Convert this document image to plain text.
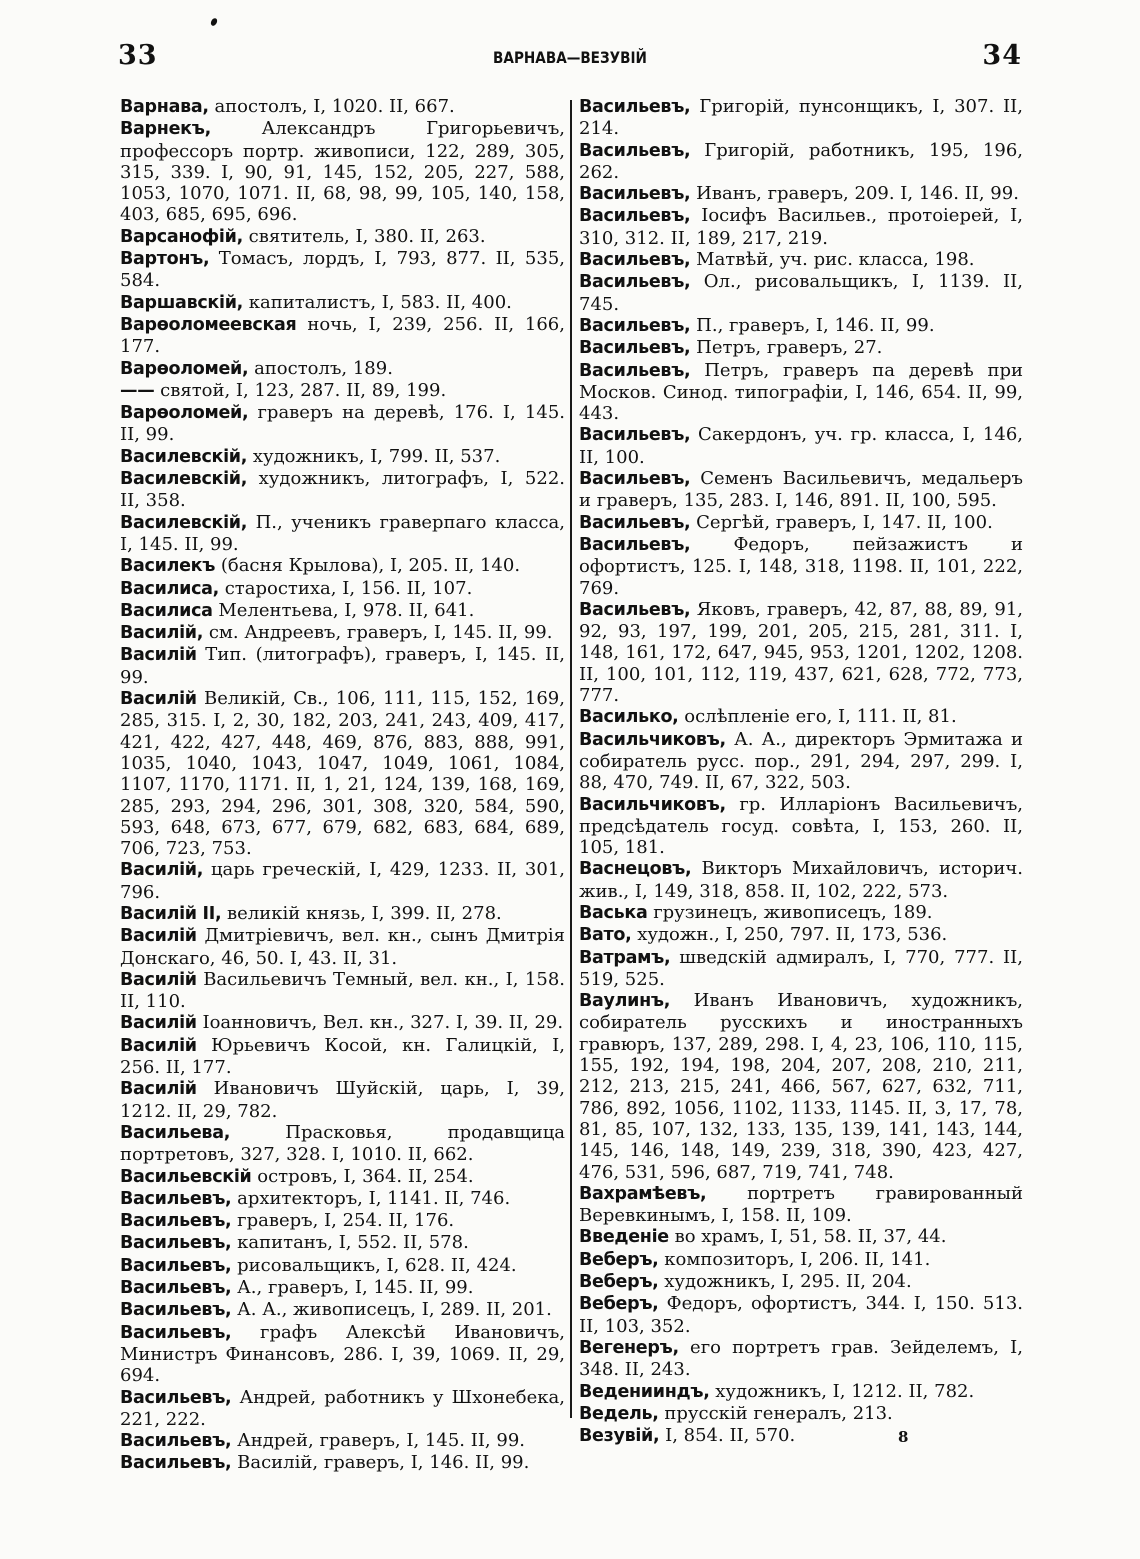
33	ВАРНАВА—ВЕЗУВІЙ	34
Варнава, апостолъ, I, 1020. II, 667.
Варнекъ, Александръ Григорьевичъ, профессоръ портр. живописи, 122, 289, 305, 315, 339. I, 90, 91, 145, 152, 205, 227, 588, 1053, 1070, 1071. II, 68, 98, 99, 105, 140, 158, 403, 685, 695, 696.
Варсанофій, святитель, I, 380. II, 263.
Вартонъ, Томасъ, лордъ, I, 793, 877. II, 535, 584.
Варшавскій, капиталистъ, I, 583. II, 400.
Варѳоломеевская ночь, I, 239, 256. II, 166, 177.
Варѳоломей, апостолъ, 189.
—— святой, I, 123, 287. II, 89, 199.
Варѳоломей, граверъ на деревѣ, 176. I, 145. II, 99.
Василевскій, художникъ, I, 799. II, 537.
Василевскій, художникъ, литографъ, I, 522. II, 358.
Василевскій, П., ученикъ граверпаго класса, I, 145. II, 99.
Василекъ (басня Крылова), I, 205. II, 140.
Василиса, старостиха, I, 156. II, 107.
Василиса Мелентьева, I, 978. II, 641.
Василій, см. Андреевъ, граверъ, I, 145. II, 99.
Василій Тип. (литографъ), граверъ, I, 145. II, 99.
Василій Великій, Св., 106, 111, 115, 152, 169, 285, 315. I, 2, 30, 182, 203, 241, 243, 409, 417, 421, 422, 427, 448, 469, 876, 883, 888, 991, 1035, 1040, 1043, 1047, 1049, 1061, 1084, 1107, 1170, 1171. II, 1, 21, 124, 139, 168, 169, 285, 293, 294, 296, 301, 308, 320, 584, 590, 593, 648, 673, 677, 679, 682, 683, 684, 689, 706, 723, 753.
Василій, царь греческій, I, 429, 1233. II, 301, 796.
Василій II, великій князь, I, 399. II, 278.
Василій Дмитріевичъ, вел. кн., сынъ Дмитрія Донскаго, 46, 50. I, 43. II, 31.
Василій Васильевичъ Темный, вел. кн., I, 158. II, 110.
Василій Іоанновичъ, Вел. кн., 327. I, 39. II, 29.
Василій Юрьевичъ Косой, кн. Галицкій, I, 256. II, 177.
Василій Ивановичъ Шуйскій, царь, I, 39, 1212. II, 29, 782.
Васильева, Прасковья, продавщица портретовъ, 327, 328. I, 1010. II, 662.
Васильевскій островъ, I, 364. II, 254.
Васильевъ, архитекторъ, I, 1141. II, 746.
Васильевъ, граверъ, I, 254. II, 176.
Васильевъ, капитанъ, I, 552. II, 578.
Васильевъ, рисовальщикъ, I, 628. II, 424.
Васильевъ, А., граверъ, I, 145. II, 99.
Васильевъ, А. А., живописецъ, I, 289. II, 201.
Васильевъ, графъ Алексѣй Ивановичъ, Министръ Финансовъ, 286. I, 39, 1069. II, 29, 694.
Васильевъ, Андрей, работникъ у Шхонебека, 221, 222.
Васильевъ, Андрей, граверъ, I, 145. II, 99.
Васильевъ, Василій, граверъ, I, 146. II, 99.
Васильевъ, Григорій, пунсонщикъ, I, 307. II, 214.
Васильевъ, Григорій, работникъ, 195, 196, 262.
Васильевъ, Иванъ, граверъ, 209. I, 146. II, 99.
Васильевъ, Іосифъ Васильев., протоіерей, I, 310, 312. II, 189, 217, 219.
Васильевъ, Матвѣй, уч. рис. класса, 198.
Васильевъ, Ол., рисовальщикъ, I, 1139. II, 745.
Васильевъ, П., граверъ, I, 146. II, 99.
Васильевъ, Петръ, граверъ, 27.
Васильевъ, Петръ, граверъ па деревѣ при Москов. Синод. типографіи, I, 146, 654. II, 99, 443.
Васильевъ, Сакердонъ, уч. гр. класса, I, 146, II, 100.
Васильевъ, Семенъ Васильевичъ, медальеръ и граверъ, 135, 283. I, 146, 891. II, 100, 595.
Васильевъ, Сергѣй, граверъ, I, 147. II, 100.
Васильевъ, Федоръ, пейзажистъ и офортистъ, 125. I, 148, 318, 1198. II, 101, 222, 769.
Васильевъ, Яковъ, граверъ, 42, 87, 88, 89, 91, 92, 93, 197, 199, 201, 205, 215, 281, 311. I, 148, 161, 172, 647, 945, 953, 1201, 1202, 1208. II, 100, 101, 112, 119, 437, 621, 628, 772, 773, 777.
Василько, ослѣпленіе его, I, 111. II, 81.
Васильчиковъ, А. А., директоръ Эрмитажа и собиратель русс. пор., 291, 294, 297, 299. I, 88, 470, 749. II, 67, 322, 503.
Васильчиковъ, гр. Илларіонъ Васильевичъ, предсѣдатель госуд. совѣта, I, 153, 260. II, 105, 181.
Васнецовъ, Викторъ Михайловичъ, историч. жив., I, 149, 318, 858. II, 102, 222, 573.
Васька грузинецъ, живописецъ, 189.
Вато, художн., I, 250, 797. II, 173, 536.
Ватрамъ, шведскій адмиралъ, I, 770, 777. II, 519, 525.
Ваулинъ, Иванъ Ивановичъ, художникъ, собиратель русскихъ и иностранныхъ гравюръ, 137, 289, 298. I, 4, 23, 106, 110, 115, 155, 192, 194, 198, 204, 207, 208, 210, 211, 212, 213, 215, 241, 466, 567, 627, 632, 711, 786, 892, 1056, 1102, 1133, 1145. II, 3, 17, 78, 81, 85, 107, 132, 133, 135, 139, 141, 143, 144, 145, 146, 148, 149, 239, 318, 390, 423, 427, 476, 531, 596, 687, 719, 741, 748.
Вахрамѣевъ, портретъ гравированный Веревкинымъ, I, 158. II, 109.
Введеніе во храмъ, I, 51, 58. II, 37, 44.
Веберъ, композиторъ, I, 206. II, 141.
Веберъ, художникъ, I, 295. II, 204.
Веберъ, Федоръ, офортистъ, 344. I, 150. 513. II, 103, 352.
Вегенеръ, его портретъ грав. Зейделемъ, I, 348. II, 243.
Веденииндъ, художникъ, I, 1212. II, 782.
Ведель, прусскій генералъ, 213.
Везувій, I, 854. II, 570.	8
